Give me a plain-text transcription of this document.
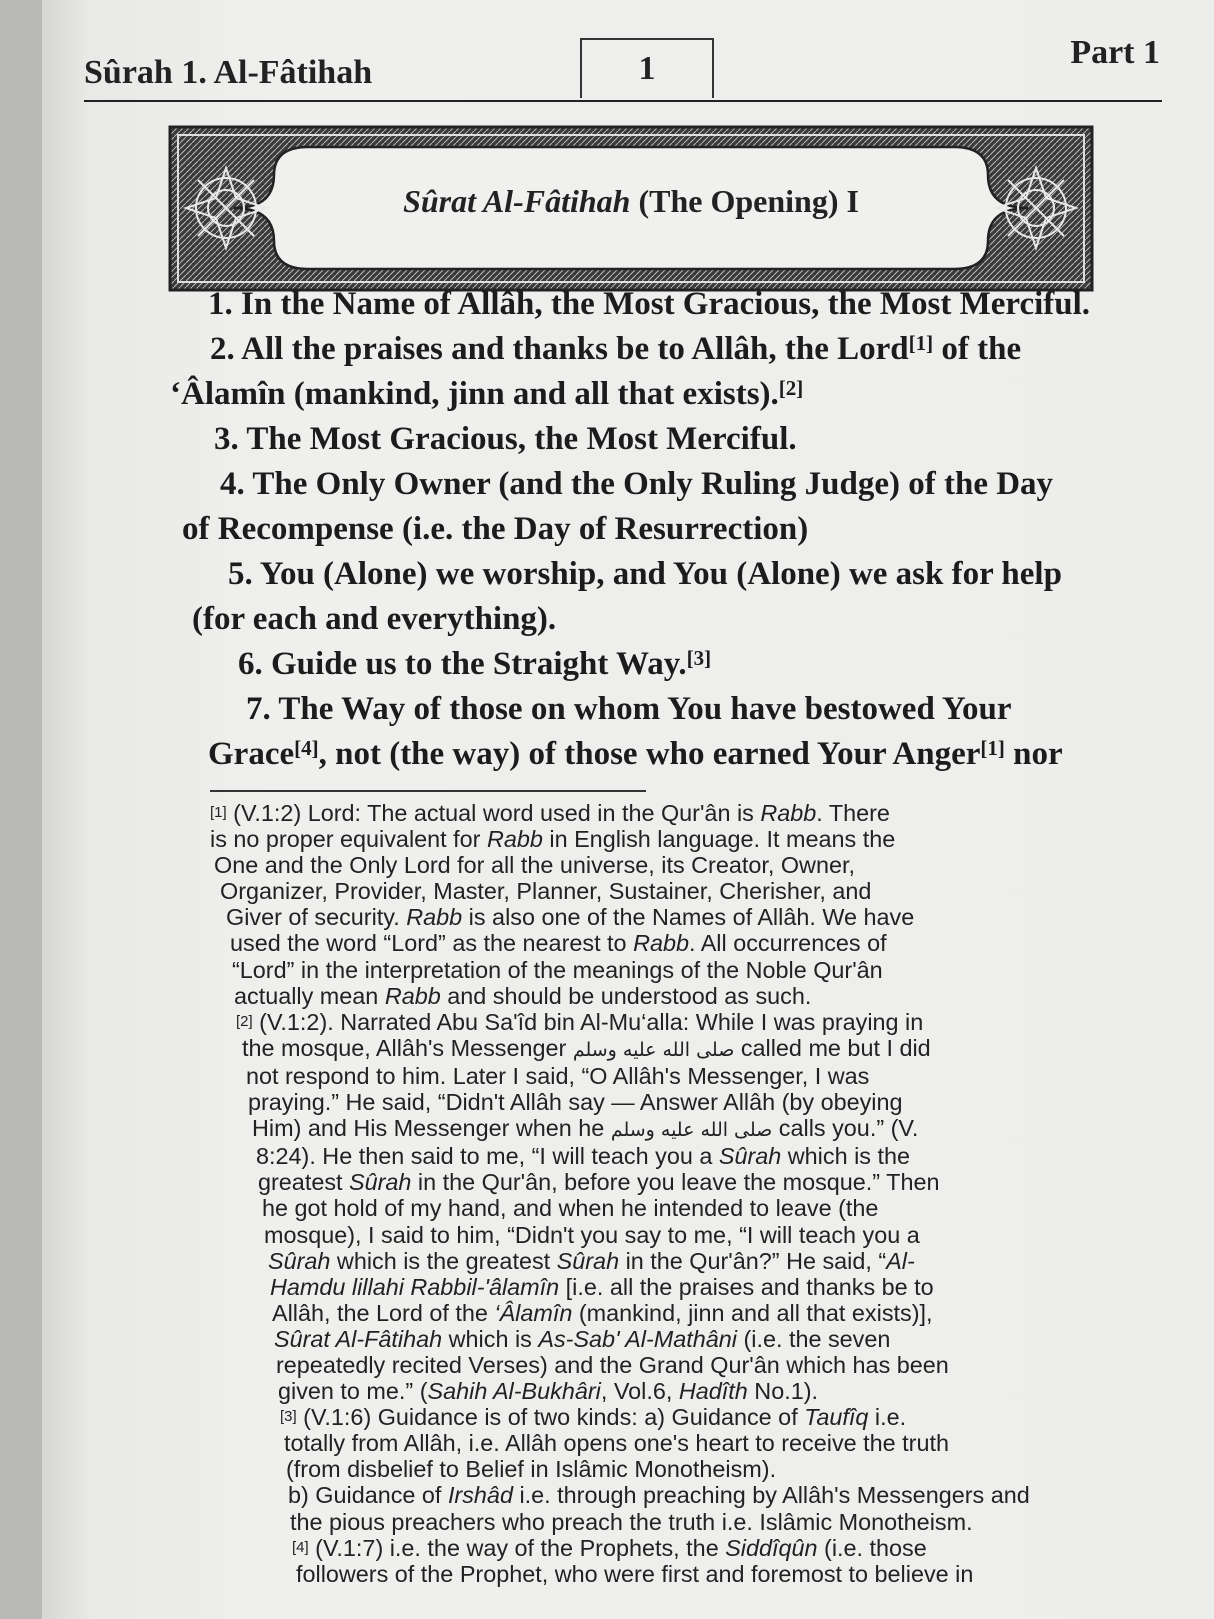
Sûrah 1. Al-Fâtihah	1	Part 1
Sûrat Al-Fâtihah (The Opening) I
1. In the Name of Allâh, the Most Gracious, the Most Merciful.
2. All the praises and thanks be to Allâh, the Lord[1] of the
‘Âlamîn (mankind, jinn and all that exists).[2]
3. The Most Gracious, the Most Merciful.
4. The Only Owner (and the Only Ruling Judge) of the Day
of Recompense (i.e. the Day of Resurrection)
5. You (Alone) we worship, and You (Alone) we ask for help
(for each and everything).
6. Guide us to the Straight Way.[3]
7. The Way of those on whom You have bestowed Your
Grace[4], not (the way) of those who earned Your Anger[1] nor
[1] (V.1:2) Lord: The actual word used in the Qur'ân is Rabb. There
is no proper equivalent for Rabb in English language. It means the
One and the Only Lord for all the universe, its Creator, Owner,
Organizer, Provider, Master, Planner, Sustainer, Cherisher, and
Giver of security. Rabb is also one of the Names of Allâh. We have
used the word “Lord” as the nearest to Rabb. All occurrences of
“Lord” in the interpretation of the meanings of the Noble Qur'ân
actually mean Rabb and should be understood as such.
[2] (V.1:2). Narrated Abu Sa'îd bin Al-Mu‘alla: While I was praying in
the mosque, Allâh's Messenger صلى الله عليه وسلم called me but I did
not respond to him. Later I said, “O Allâh's Messenger, I was
praying.” He said, “Didn't Allâh say — Answer Allâh (by obeying
Him) and His Messenger when he صلى الله عليه وسلم calls you.” (V.
8:24). He then said to me, “I will teach you a Sûrah which is the
greatest Sûrah in the Qur'ân, before you leave the mosque.” Then
he got hold of my hand, and when he intended to leave (the
mosque), I said to him, “Didn't you say to me, “I will teach you a
Sûrah which is the greatest Sûrah in the Qur'ân?” He said, “Al-
Hamdu lillahi Rabbil-'âlamîn [i.e. all the praises and thanks be to
Allâh, the Lord of the ‘Âlamîn (mankind, jinn and all that exists)],
Sûrat Al-Fâtihah which is As-Sab' Al-Mathâni (i.e. the seven
repeatedly recited Verses) and the Grand Qur'ân which has been
given to me.” (Sahih Al-Bukhâri, Vol.6, Hadîth No.1).
[3] (V.1:6) Guidance is of two kinds: a) Guidance of Taufîq i.e.
totally from Allâh, i.e. Allâh opens one's heart to receive the truth
(from disbelief to Belief in Islâmic Monotheism).
b) Guidance of Irshâd i.e. through preaching by Allâh's Messengers and
the pious preachers who preach the truth i.e. Islâmic Monotheism.
[4] (V.1:7) i.e. the way of the Prophets, the Siddîqûn (i.e. those
followers of the Prophet, who were first and foremost to believe in
